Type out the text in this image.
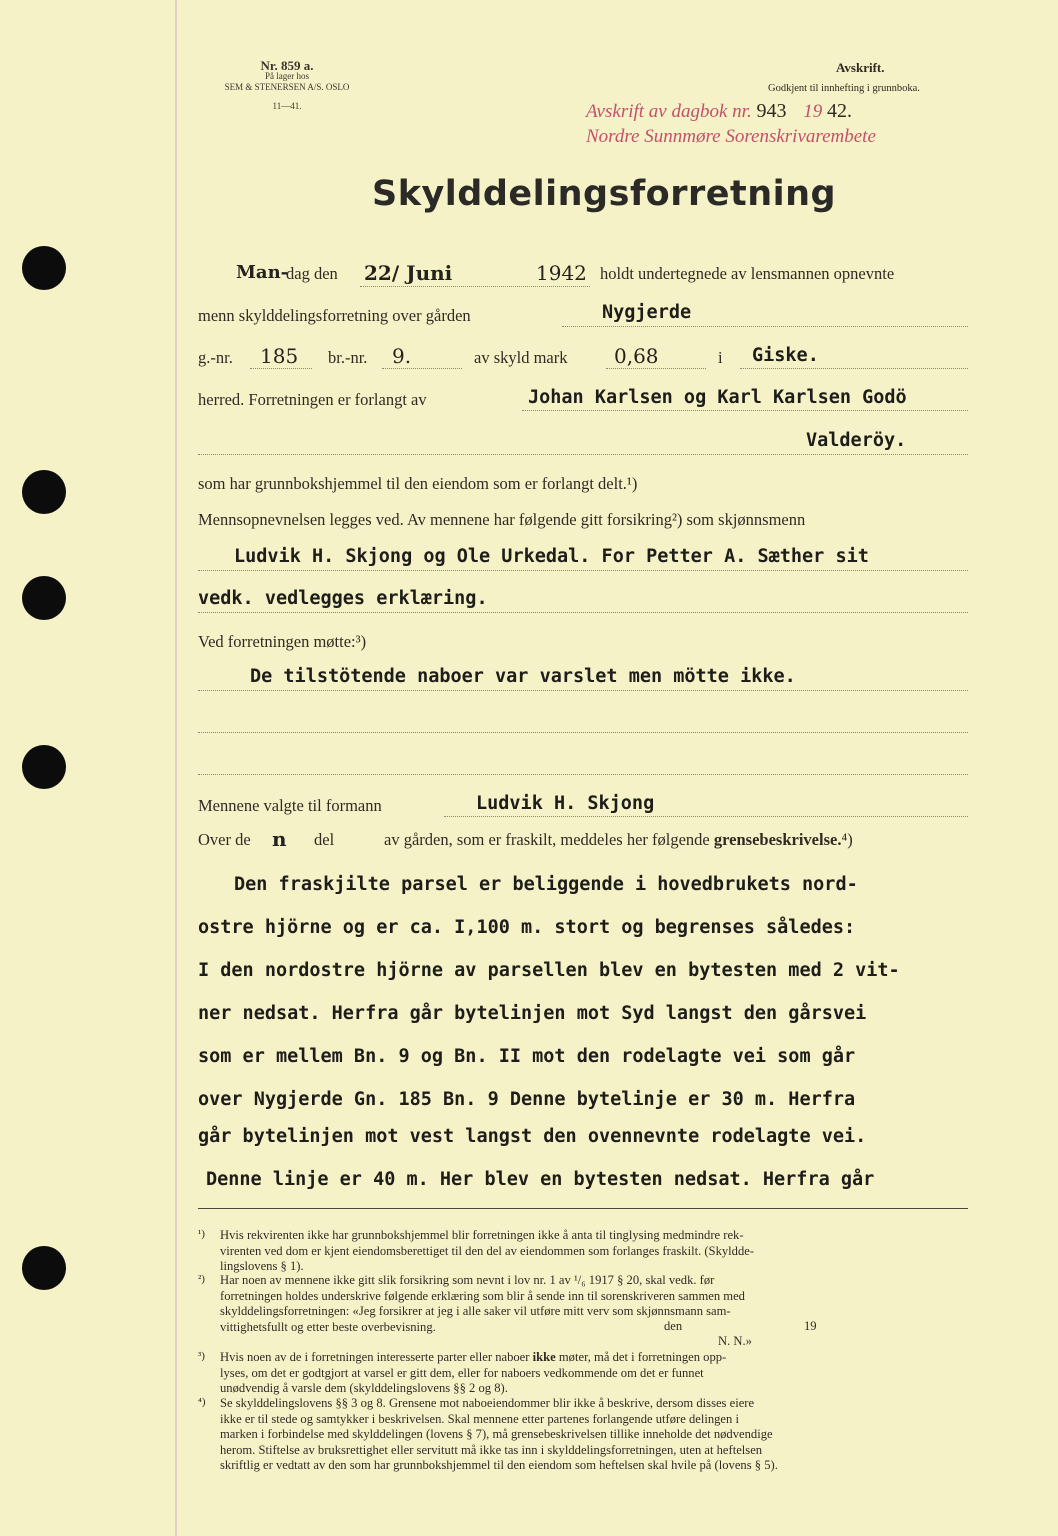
Nr. 859 a.
På lager hos
SEM & STENERSEN A/S. OSLO
11—41.
Avskrift.
Godkjent til innhefting i grunnboka.
Avskrift av dagbok nr. 943 19 42.
Nordre Sunnmøre Sorenskrivarembete
Skylddelingsforretning
Man-
dag den 22/ Juni	1942 holdt undertegnede av lensmannen opnevnte
menn skylddelingsforretning over gården	Nygjerde
g.-nr. 185 br.-nr. 9.	av skyld mark 0,68	i Giske.
herred. Forretningen er forlangt av	Johan Karlsen og Karl Karlsen Godö
Valderöy.
som har grunnbokshjemmel til den eiendom som er forlangt delt.¹)
Mennsopnevnelsen legges ved. Av mennene har følgende gitt forsikring²) som skjønnsmenn
Ludvik H. Skjong og Ole Urkedal. For Petter A. Sæther sit
vedk. vedlegges erklæring.
Ved forretningen møtte:³)
De tilstötende naboer var varslet men mötte ikke.
Mennene valgte til formann	Ludvik H. Skjong
Over de n del	av gården, som er fraskilt, meddeles her følgende grensebeskrivelse.⁴)
Den fraskjilte parsel er beliggende i hovedbrukets nord-
ostre hjörne og er ca. I,100 m. stort og begrenses således:
I den nordostre hjörne av parsellen blev en bytesten med 2 vit-
ner nedsat. Herfra går bytelinjen mot Syd langst den gårsvei
som er mellem Bn. 9 og Bn. II mot den rodelagte vei som går
over Nygjerde Gn. 185 Bn. 9 Denne bytelinje er 30 m. Herfra
går bytelinjen mot vest langst den ovennevnte rodelagte vei.
Denne linje er 40 m. Her blev en bytesten nedsat. Herfra går
¹) Hvis rekvirenten ikke har grunnbokshjemmel blir forretningen ikke å anta til tinglysing medmindre rek-
virenten ved dom er kjent eiendomsberettiget til den del av eiendommen som forlanges fraskilt. (Skyldde-
lingslovens § 1).
²) Har noen av mennene ikke gitt slik forsikring som nevnt i lov nr. 1 av ¹/₆ 1917 § 20, skal vedk. før
forretningen holdes underskrive følgende erklæring som blir å sende inn til sorenskriveren sammen med
skylddelingsforretningen: «Jeg forsikrer at jeg i alle saker vil utføre mitt verv som skjønnsmann sam-
vittighetsfullt og etter beste overbevisning.	den	19
N. N.»
³) Hvis noen av de i forretningen interesserte parter eller naboer ikke møter, må det i forretningen opp-
lyses, om det er godtgjort at varsel er gitt dem, eller for naboers vedkommende om det er funnet
unødvendig å varsle dem (skylddelingslovens §§ 2 og 8).
⁴) Se skylddelingslovens §§ 3 og 8. Grensene mot naboeiendommer blir ikke å beskrive, dersom disses eiere
ikke er til stede og samtykker i beskrivelsen. Skal mennene etter partenes forlangende utføre delingen i
marken i forbindelse med skylddelingen (lovens § 7), må grensebeskrivelsen tillike inneholde det nødvendige
herom. Stiftelse av bruksrettighet eller servitutt må ikke tas inn i skylddelingsforretningen, uten at heftelsen
skriftlig er vedtatt av den som har grunnbokshjemmel til den eiendom som heftelsen skal hvile på (lovens § 5).
